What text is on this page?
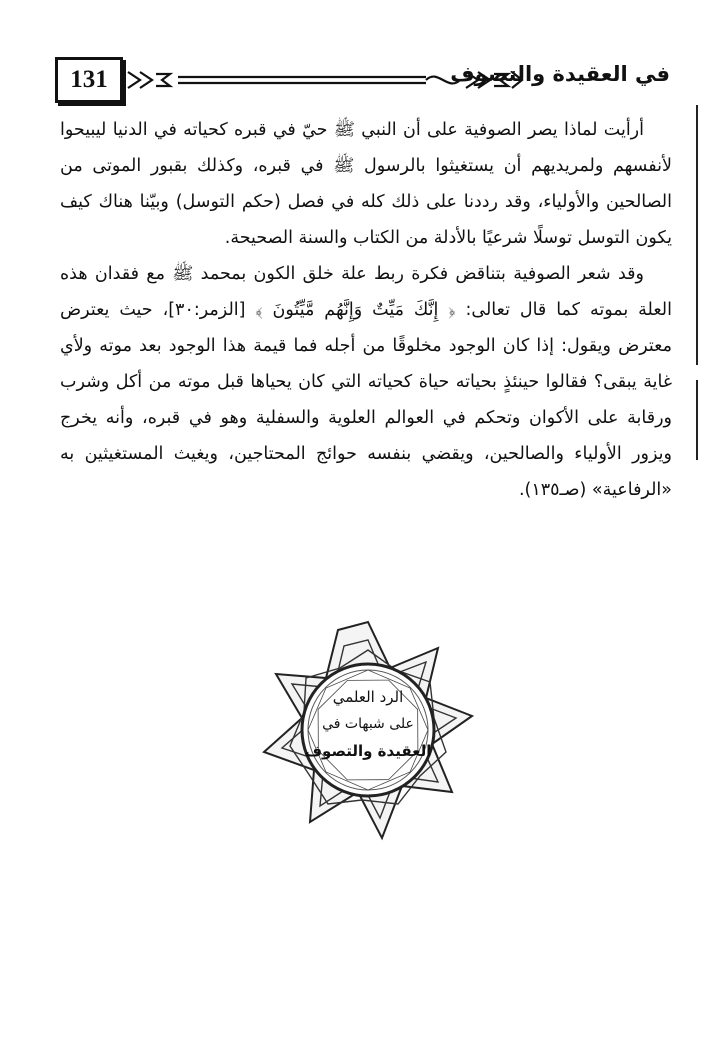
131	في العقيدة والتصوف

أرأيت لماذا يصر الصوفية على أن النبي ﷺ حيّ في قبره كحياته في الدنيا ليبيحوا لأنفسهم ولمريديهم أن يستغيثوا بالرسول ﷺ في قبره، وكذلك بقبور الموتى من الصالحين والأولياء، وقد رددنا على ذلك كله في فصل (حكم التوسل) وبيّنا هناك كيف يكون التوسل توسلًا شرعيًا بالأدلة من الكتاب والسنة الصحيحة.

وقد شعر الصوفية بتناقض فكرة ربط علة خلق الكون بمحمد ﷺ مع فقدان هذه العلة بموته كما قال تعالى: ﴿ إِنَّكَ مَيِّتٌ وَإِنَّهُم مَّيِّتُونَ ﴾ [الزمر:٣٠]، حيث يعترض معترض ويقول: إذا كان الوجود مخلوقًا من أجله فما قيمة هذا الوجود بعد موته ولأي غاية يبقى؟ فقالوا حينئذٍ بحياته حياة كحياته التي كان يحياها قبل موته من أكل وشرب ورقابة على الأكوان وتحكم في العوالم العلوية والسفلية وهو في قبره، وأنه يخرج ويزور الأولياء والصالحين، ويقضي بنفسه حوائج المحتاجين، ويغيث المستغيثين به «الرفاعية» (صـ١٣٥).

الرد العلمي
على شبهات في
العقيدة والتصوف
